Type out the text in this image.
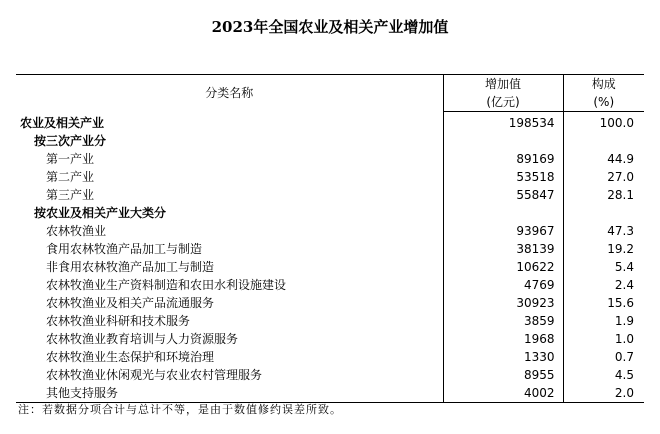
2023年全国农业及相关产业增加值
分类名称	增加值	构成
	(亿元)	(%)
农业及相关产业	198534	100.0
按三次产业分		
第一产业	89169	44.9
第二产业	53518	27.0
第三产业	55847	28.1
按农业及相关产业大类分		
农林牧渔业	93967	47.3
食用农林牧渔产品加工与制造	38139	19.2
非食用农林牧渔产品加工与制造	10622	5.4
农林牧渔业生产资料制造和农田水利设施建设	4769	2.4
农林牧渔业及相关产品流通服务	30923	15.6
农林牧渔业科研和技术服务	3859	1.9
农林牧渔业教育培训与人力资源服务	1968	1.0
农林牧渔业生态保护和环境治理	1330	0.7
农林牧渔业休闲观光与农业农村管理服务	8955	4.5
其他支持服务	4002	2.0
注：若数据分项合计与总计不等，是由于数值修约误差所致。
